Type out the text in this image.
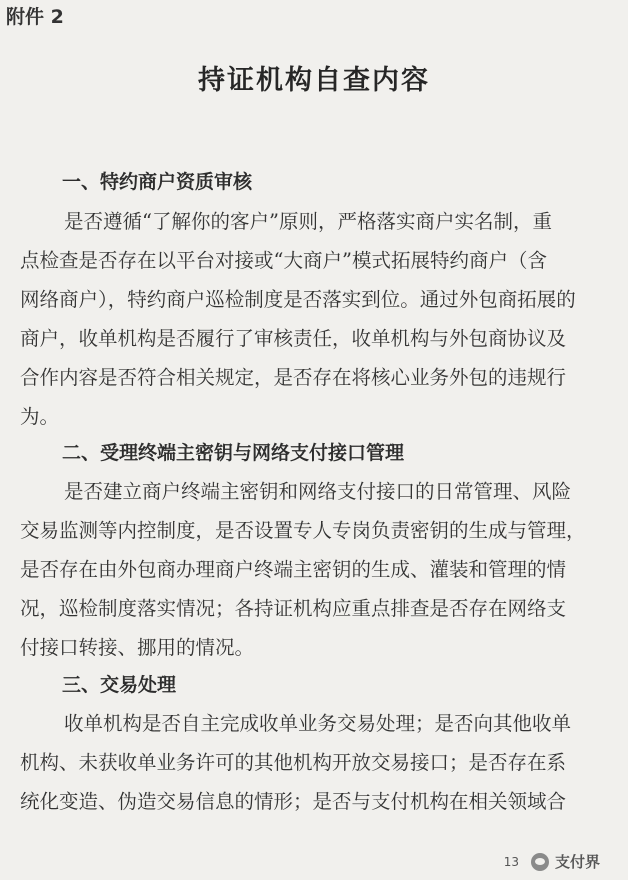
附件 2
持证机构自查内容
一、特约商户资质审核
是否遵循“了解你的客户”原则，严格落实商户实名制，重
点检查是否存在以平台对接或“大商户”模式拓展特约商户（含
网络商户），特约商户巡检制度是否落实到位。通过外包商拓展的
商户，收单机构是否履行了审核责任，收单机构与外包商协议及
合作内容是否符合相关规定，是否存在将核心业务外包的违规行
为。
二、受理终端主密钥与网络支付接口管理
是否建立商户终端主密钥和网络支付接口的日常管理、风险
交易监测等内控制度，是否设置专人专岗负责密钥的生成与管理，
是否存在由外包商办理商户终端主密钥的生成、灌装和管理的情
况，巡检制度落实情况；各持证机构应重点排查是否存在网络支
付接口转接、挪用的情况。
三、交易处理
收单机构是否自主完成收单业务交易处理；是否向其他收单
机构、未获收单业务许可的其他机构开放交易接口；是否存在系
统化变造、伪造交易信息的情形；是否与支付机构在相关领域合
13 支付界
